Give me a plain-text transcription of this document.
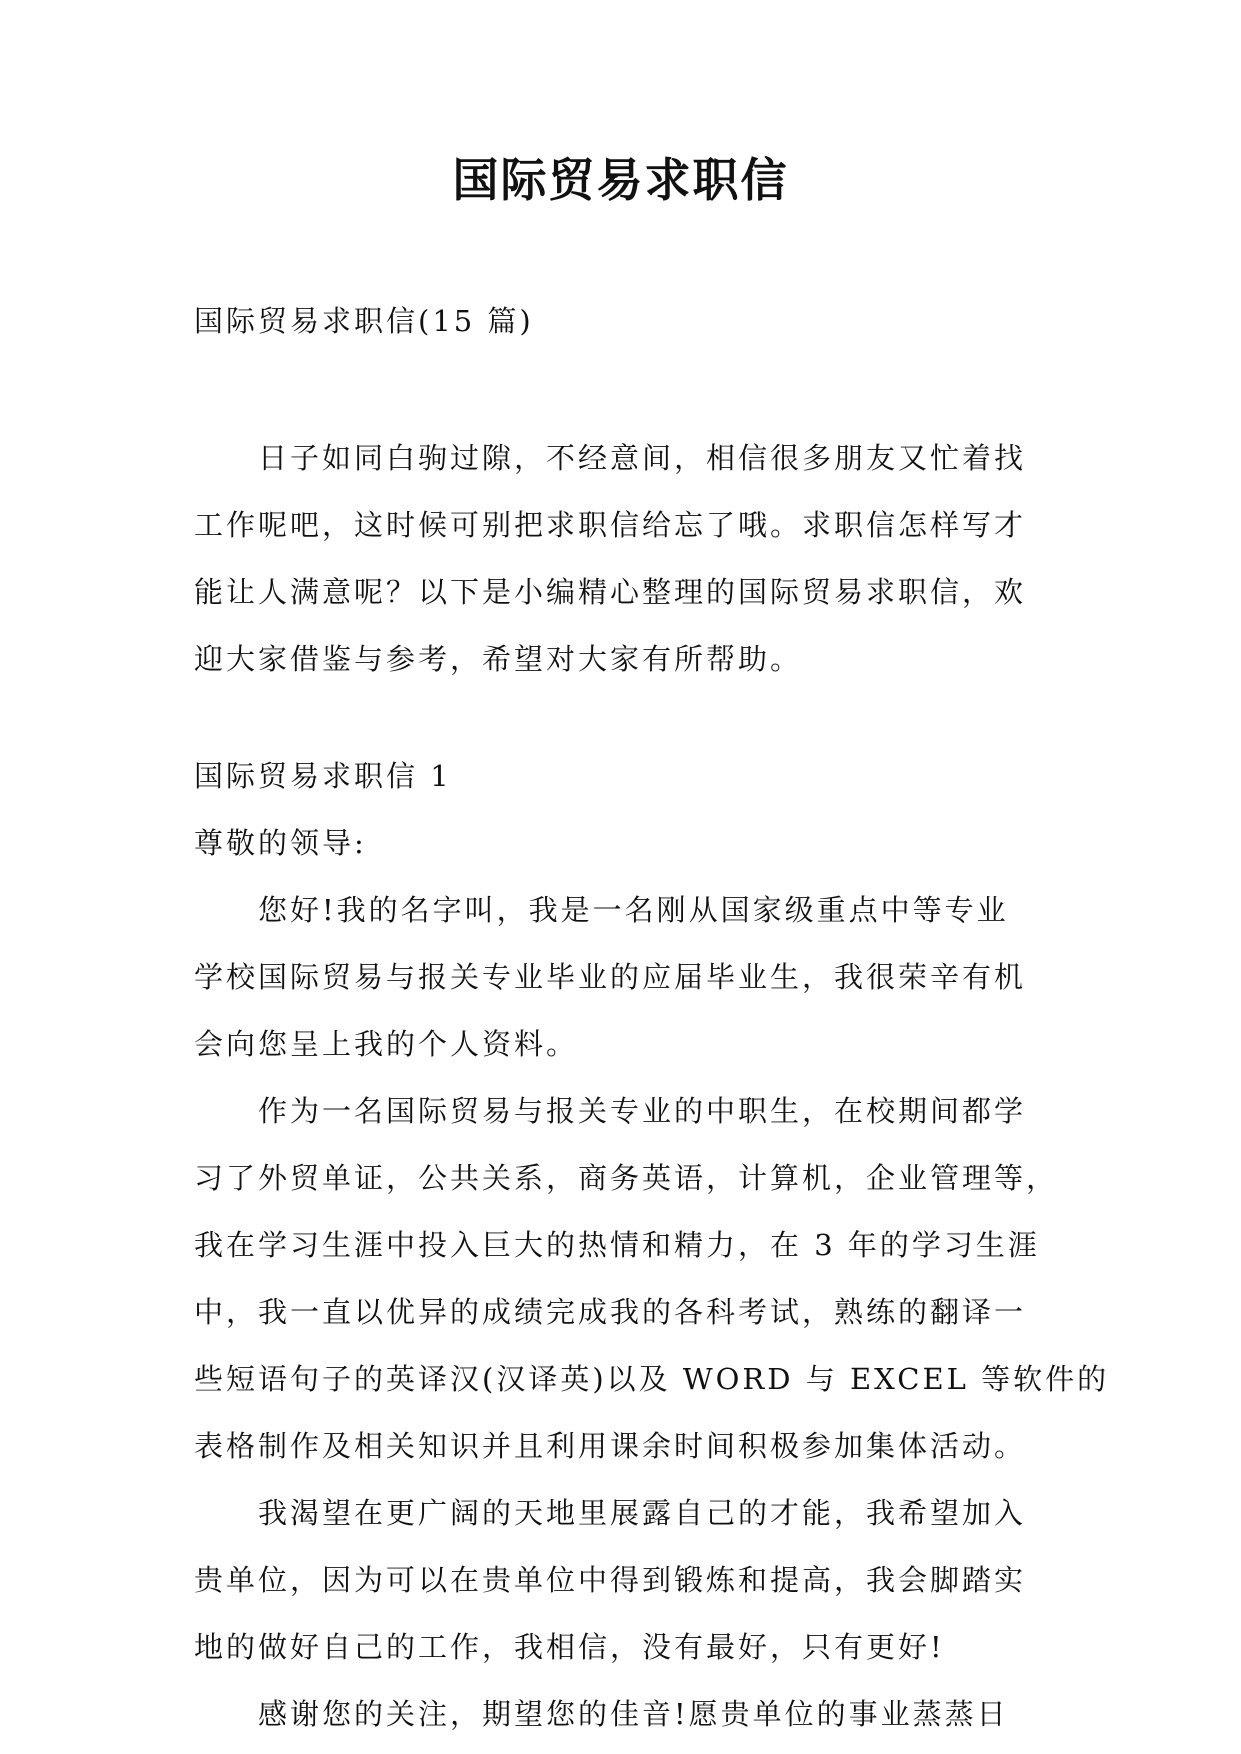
国际贸易求职信
国际贸易求职信(15 篇)
日子如同白驹过隙，不经意间，相信很多朋友又忙着找
工作呢吧，这时候可别把求职信给忘了哦。求职信怎样写才
能让人满意呢？以下是小编精心整理的国际贸易求职信，欢
迎大家借鉴与参考，希望对大家有所帮助。
国际贸易求职信 1
尊敬的领导:
您好!我的名字叫，我是一名刚从国家级重点中等专业
学校国际贸易与报关专业毕业的应届毕业生，我很荣辛有机
会向您呈上我的个人资料。
作为一名国际贸易与报关专业的中职生，在校期间都学
习了外贸单证，公共关系，商务英语，计算机，企业管理等，
我在学习生涯中投入巨大的热情和精力，在 3 年的学习生涯
中，我一直以优异的成绩完成我的各科考试，熟练的翻译一
些短语句子的英译汉(汉译英)以及 WORD 与 EXCEL 等软件的
表格制作及相关知识并且利用课余时间积极参加集体活动。
我渴望在更广阔的天地里展露自己的才能，我希望加入
贵单位，因为可以在贵单位中得到锻炼和提高，我会脚踏实
地的做好自己的工作，我相信，没有最好，只有更好!
感谢您的关注，期望您的佳音!愿贵单位的事业蒸蒸日
